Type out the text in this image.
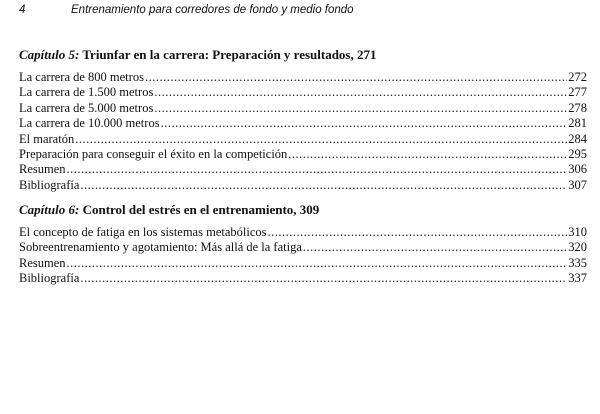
4	Entrenamiento para corredores de fondo y medio fondo
Capítulo 5: Triunfar en la carrera: Preparación y resultados, 271
La carrera de 800 metros .....	272
La carrera de 1.500 metros .....	277
La carrera de 5.000 metros .....	278
La carrera de 10.000 metros .....	281
El maratón .....	284
Preparación para conseguir el éxito en la competición .....	295
Resumen .....	306
Bibliografía .....	307
Capítulo 6: Control del estrés en el entrenamiento, 309
El concepto de fatiga en los sistemas metabólicos .....	310
Sobreentrenamiento y agotamiento: Más allá de la fatiga .....	320
Resumen .....	335
Bibliografía .....	337
